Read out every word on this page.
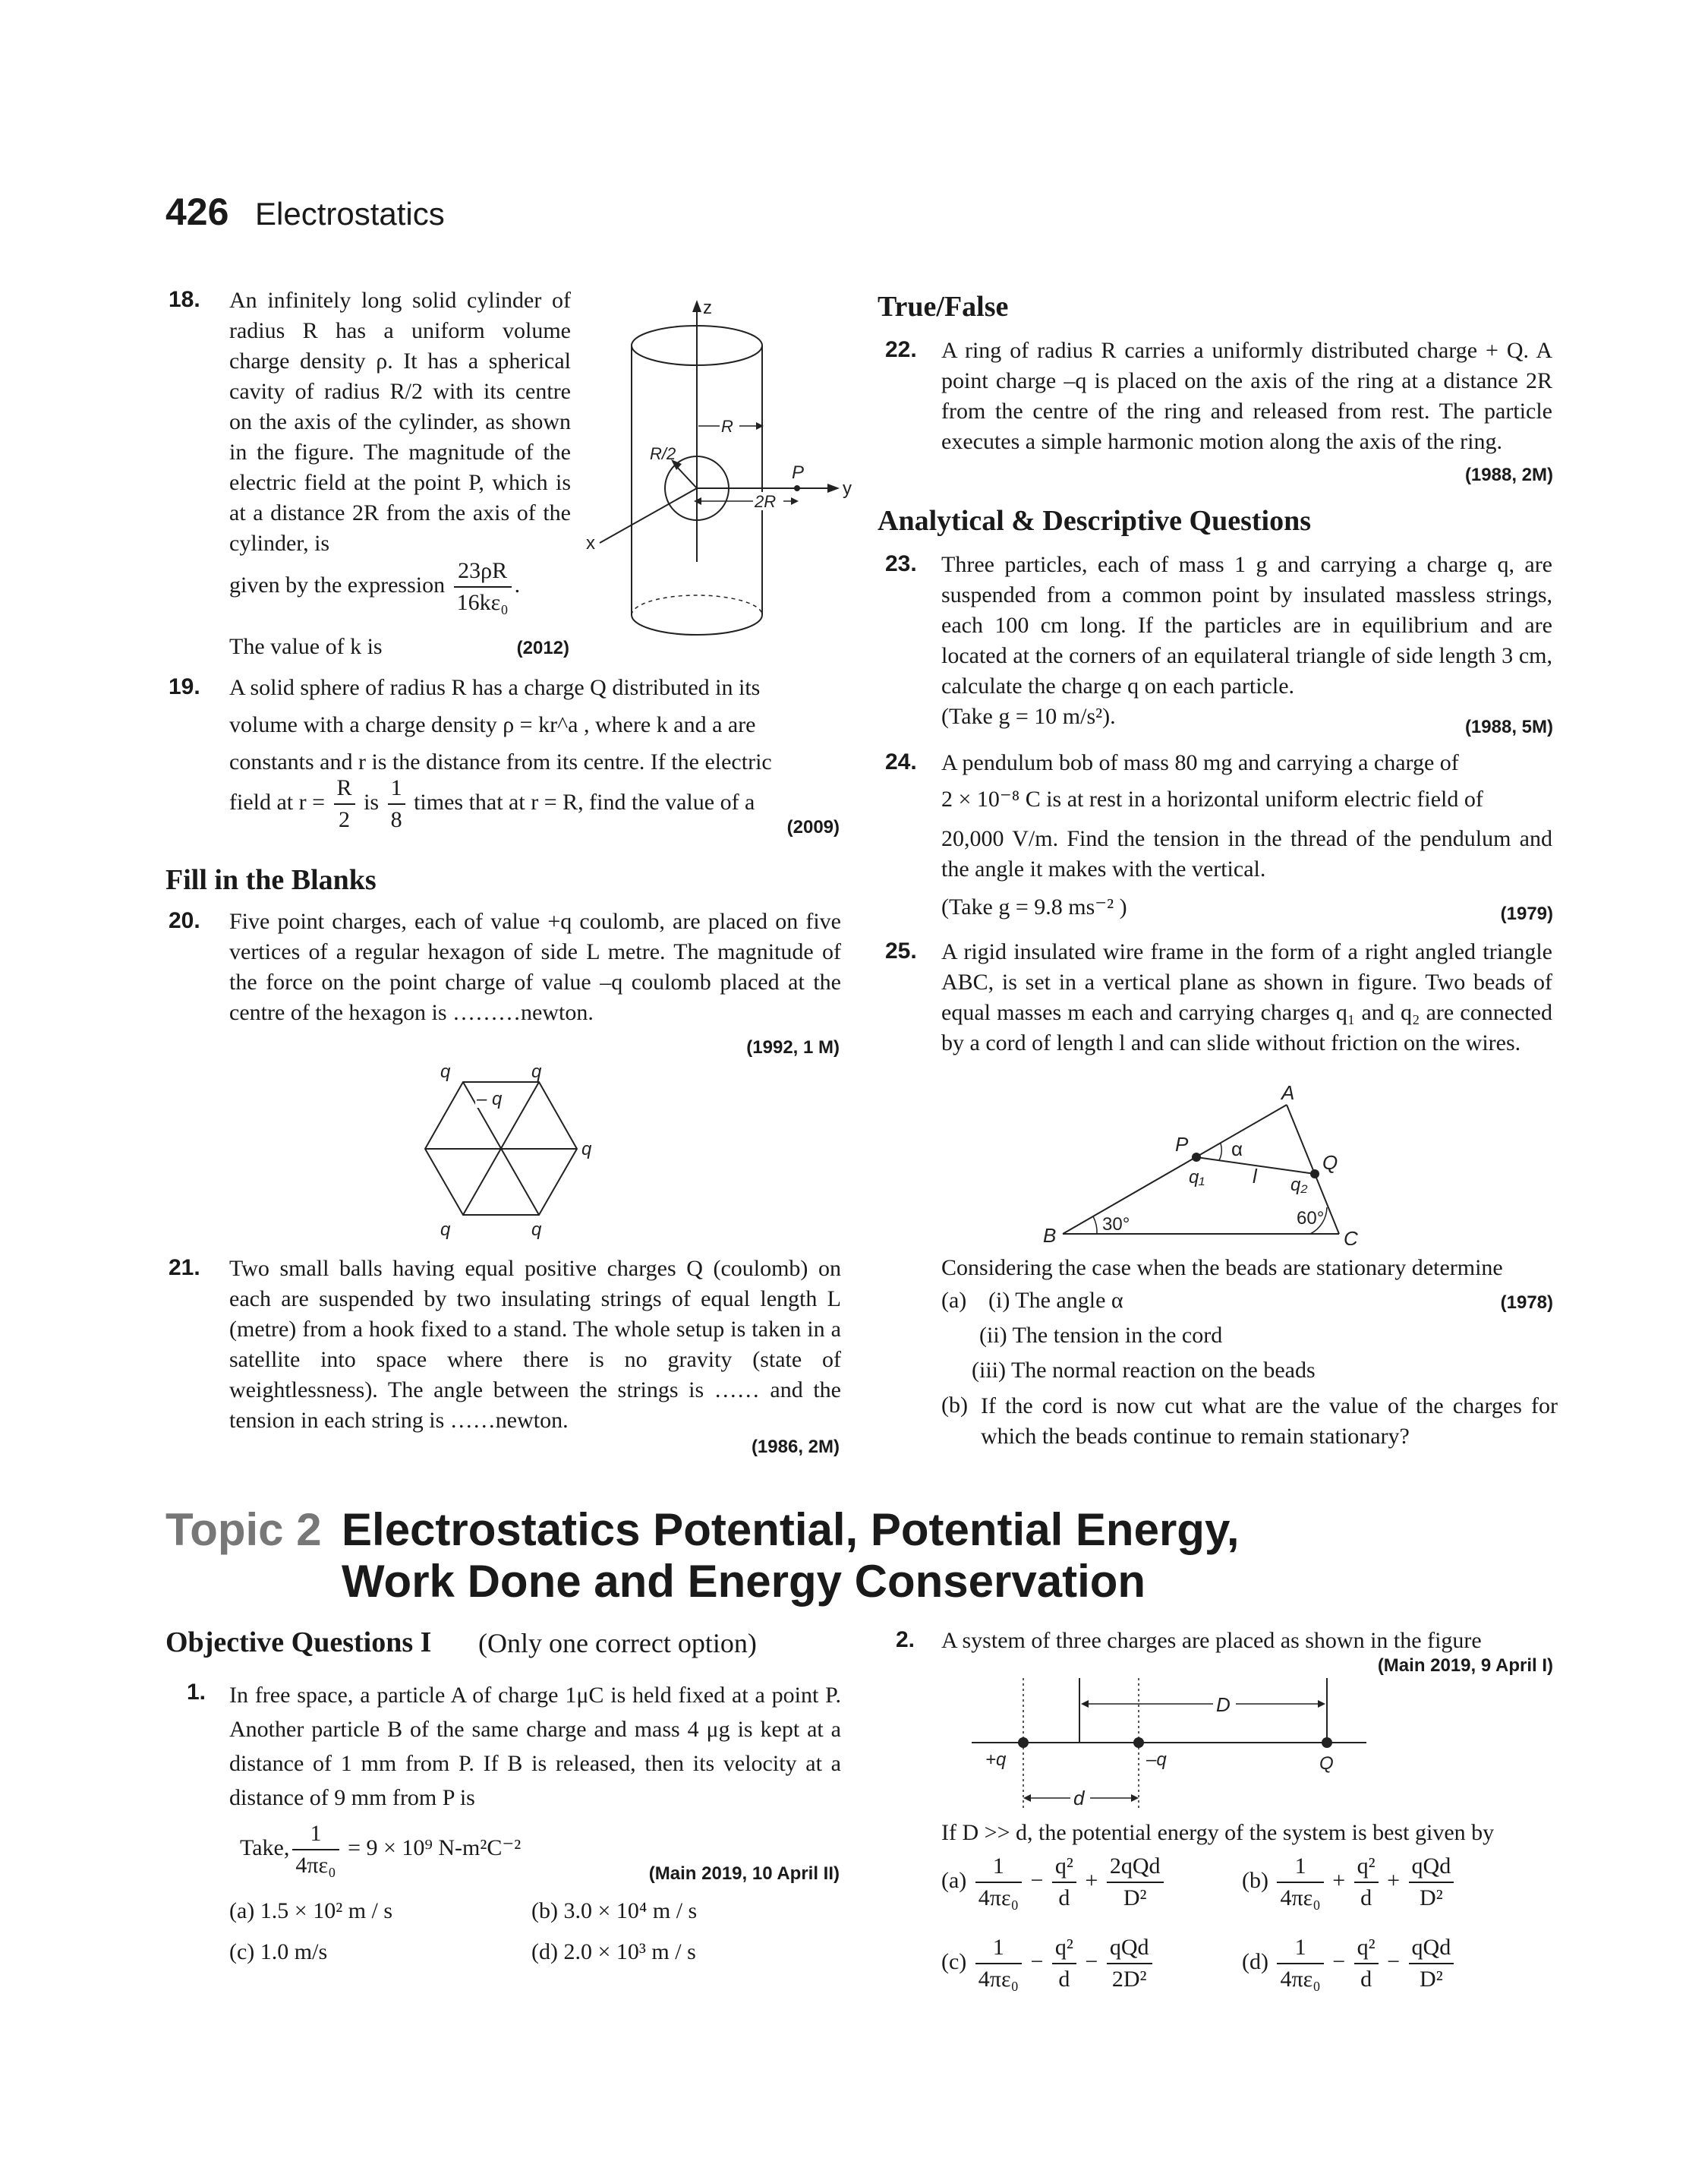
426 Electrostatics
18. An infinitely long solid cylinder of radius R has a uniform volume charge density ρ. It has a spherical cavity of radius R/2 with its centre on the axis of the cylinder, as shown in the figure. The magnitude of the electric field at the point P, which is at a distance 2R from the axis of the cylinder, is
given by the expression $\frac{23\rho R}{\text{16kε₀}}$ .
The value of k is	(2012)
z
y
x
R/2
R
2R
P
19. A solid sphere of radius R has a charge Q distributed in its
volume with a charge density ρ = kr^a , where k and a are
constants and r is the distance from its centre. If the electric
field at $r = \frac{R}{2}$ is $\frac{1}{8}$ times that at r = R, find the value of a
(2009)
Fill in the Blanks
20. Five point charges, each of value +q coulomb, are placed on five vertices of a regular hexagon of side L metre. The magnitude of the force on the point charge of value –q coulomb placed at the centre of the hexagon is ………newton.
(1992, 1 M)
q	q
– q
q
q	q
21. Two small balls having equal positive charges Q (coulomb) on each are suspended by two insulating strings of equal length L (metre) from a hook fixed to a stand. The whole setup is taken in a satellite into space where there is no gravity (state of weightlessness). The angle between the strings is …… and the tension in each string is ……newton.
(1986, 2M)
True/False
22. A ring of radius R carries a uniformly distributed charge + Q. A point charge –q is placed on the axis of the ring at a distance 2R from the centre of the ring and released from rest. The particle executes a simple harmonic motion along the axis of the ring.
(1988, 2M)
Analytical & Descriptive Questions
23. Three particles, each of mass 1 g and carrying a charge q, are suspended from a common point by insulated massless strings, each 100 cm long. If the particles are in equilibrium and are located at the corners of an equilateral triangle of side length 3 cm, calculate the charge q on each particle.
(Take g = 10 m/s²).	(1988, 5M)
24. A pendulum bob of mass 80 mg and carrying a charge of
2 × 10⁻⁸ C is at rest in a horizontal uniform electric field of
20,000 V/m. Find the tension in the thread of the pendulum and the angle it makes with the vertical.
(Take g = 9.8 ms⁻² )	(1979)
25. A rigid insulated wire frame in the form of a right angled triangle ABC, is set in a vertical plane as shown in figure. Two beads of equal masses m each and carrying charges q₁ and q₂ are connected by a cord of length l and can slide without friction on the wires.
A
B	C
P
Q
α
l
q₁	q₂
30°	60°
Considering the case when the beads are stationary determine
(a) (i) The angle α	(1978)
(ii) The tension in the cord
(iii) The normal reaction on the beads
(b) If the cord is now cut what are the value of the charges for which the beads continue to remain stationary?
Topic 2 Electrostatics Potential, Potential Energy,
Work Done and Energy Conservation
Objective Questions I (Only one correct option)
1. In free space, a particle A of charge 1μC is held fixed at a point P. Another particle B of the same charge and mass 4 μg is kept at a distance of 1 mm from P. If B is released, then its velocity at a distance of 9 mm from P is
Take, $\frac{1}{\text{4πε₀}} = 9 \times 10^9$ N-m²C⁻²
(Main 2019, 10 April II)
(a) 1.5 × 10² m / s	(b) 3.0 × 10⁴ m / s
(c) 1.0 m/s	(d) 2.0 × 10³ m / s
2. A system of three charges are placed as shown in the figure
(Main 2019, 9 April I)
D
+q	–q	Q
d
If D >> d, the potential energy of the system is best given by
$(a) \frac{1}{\text{4πε₀}} - \frac{\text{q²}}{d} + \frac{\text{2qQd}}{\text{D²}}$	$(b) \frac{1}{\text{4πε₀}} + \frac{\text{q²}}{d} + \frac{\text{qQd}}{\text{D²}}$
$(c) \frac{1}{\text{4πε₀}} - \frac{\text{q²}}{d} - \frac{\text{qQd}}{\text{2D²}}$	$(d) \frac{1}{\text{4πε₀}} - \frac{\text{q²}}{d} - \frac{\text{qQd}}{\text{D²}}$
